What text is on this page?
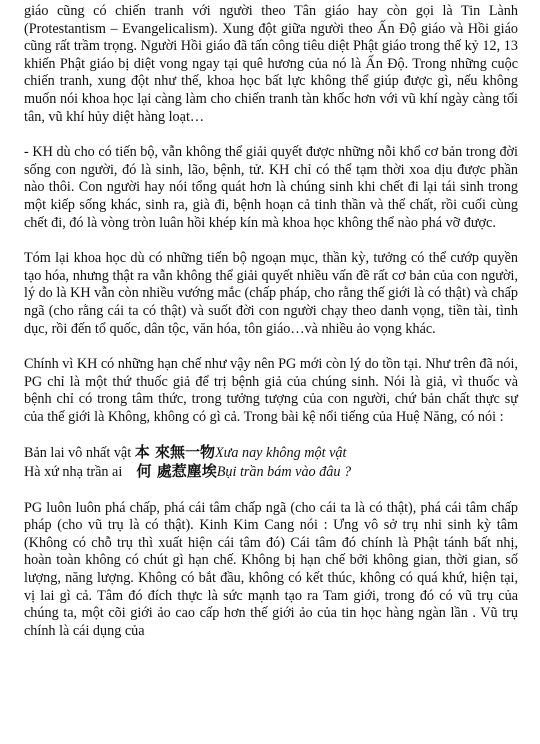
giáo cũng có chiến tranh với người theo Tân giáo hay còn gọi là Tin Lành (Protestantism – Evangelicalism). Xung đột giữa người theo Ấn Độ giáo và Hồi giáo cũng rất trầm trọng. Người Hồi giáo đã tấn công tiêu diệt Phật giáo trong thế kỷ 12, 13 khiến Phật giáo bị diệt vong ngay tại quê hương của nó là Ấn Độ. Trong những cuộc chiến tranh, xung đột như thế, khoa học bất lực không thể giúp được gì, nếu không muốn nói khoa học lại càng làm cho chiến tranh tàn khốc hơn với vũ khí ngày càng tối tân, vũ khí hủy diệt hàng loạt…

- KH dù cho có tiến bộ, vẫn không thể giải quyết được những nỗi khổ cơ bản trong đời sống con người, đó là sinh, lão, bệnh, tử. KH chỉ có thể tạm thời xoa dịu được phần nào thôi. Con người hay nói tổng quát hơn là chúng sinh khi chết đi lại tái sinh trong một kiếp sống khác, sinh ra, già đi, bệnh hoạn cả tinh thần và thể chất, rồi cuối cùng chết đi, đó là vòng tròn luân hồi khép kín mà khoa học không thể nào phá vỡ được.

Tóm lại khoa học dù có những tiến bộ ngoạn mục, thần kỳ, tưởng có thể cướp quyền tạo hóa, nhưng thật ra vẫn không thể giải quyết nhiều vấn đề rất cơ bản của con người, lý do là KH vẫn còn nhiều vướng mắc (chấp pháp, cho rằng thế giới là có thật) và chấp ngã (cho rằng cái ta có thật) và suốt đời con người chạy theo danh vọng, tiền tài, tình dục, rồi đến tổ quốc, dân tộc, văn hóa, tôn giáo…và nhiều ảo vọng khác.

Chính vì KH có những hạn chế như vậy nên PG mới còn lý do tồn tại. Như trên đã nói, PG chỉ là một thứ thuốc giả để trị bệnh giả của chúng sinh. Nói là giả, vì thuốc và bệnh chỉ có trong tâm thức, trong tưởng tượng của con người, chứ bản chất thực sự của thế giới là Không, không có gì cả. Trong bài kệ nổi tiếng của Huệ Năng, có nói :

Bản lai vô nhất vật 本 來無一物Xưa nay không một vật
Hà xứ nhạ trần ai    何 處惹塵埃Bụi trần bám vào đâu ?

PG luôn luôn phá chấp, phá cái tâm chấp ngã (cho cái ta là có thật), phá cái tâm chấp pháp (cho vũ trụ là có thật). Kinh Kim Cang nói : Ưng vô sở trụ nhi sinh kỳ tâm (Không có chỗ trụ thì xuất hiện cái tâm đó) Cái tâm đó chính là Phật tánh bất nhị, hoàn toàn không có chút gì hạn chế. Không bị hạn chế bởi không gian, thời gian, số lượng, năng lượng. Không có bắt đầu, không có kết thúc, không có quá khứ, hiện tại, vị lai gì cả. Tâm đó đích thực là sức mạnh tạo ra Tam giới, trong đó có vũ trụ của chúng ta, một cõi giới ảo cao cấp hơn thế giới ảo của tin học hàng ngàn lần . Vũ trụ chính là cái dụng của
